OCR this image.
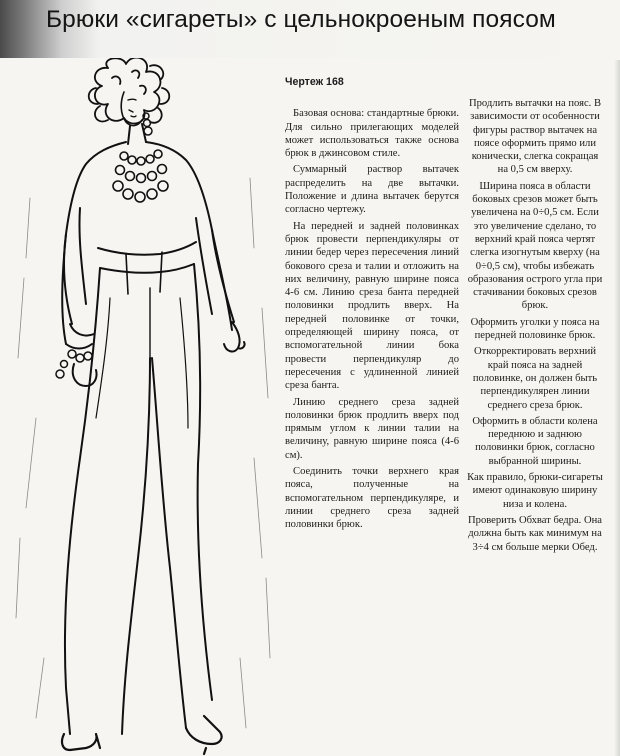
Брюки «сигареты» с цельнокроеным поясом
Чертеж 168

Базовая основа: стандартные брюки. Для сильно прилегающих моделей может использоваться также основа брюк в джинсовом стиле.

Суммарный раствор вытачек распределить на две вытачки. Положение и длина вытачек берутся согласно чертежу.

На передней и задней половинках брюк провести перпендикуляры от линии бедер через пересечения линий бокового среза и талии и отложить на них величину, равную ширине пояса 4-6 см. Линию среза банта передней половинки продлить вверх. На передней половинке от точки, определяющей ширину пояса, от вспомогательной линии бока провести перпендикуляр до пересечения с удлиненной линией среза банта.

Линию среднего среза задней половинки брюк продлить вверх под прямым углом к линии талии на величину, равную ширине пояса (4-6 см).

Соединить точки верхнего края пояса, полученные на вспомогательном перпендикуляре, и линии среднего среза задней половинки брюк.

Продлить вытачки на пояс. В зависимости от особенности фигуры раствор вытачек на поясе оформить прямо или конически, слегка сокращая на 0,5 см вверху.

Ширина пояса в области боковых срезов может быть увеличена на 0÷0,5 см. Если это увеличение сделано, то верхний край пояса чертят слегка изогнутым кверху (на 0÷0,5 см), чтобы избежать образования острого угла при стачивании боковых срезов брюк.

Оформить уголки у пояса на передней половинке брюк.

Откорректировать верхний край пояса на задней половинке, он должен быть перпендикулярен линии среднего среза брюк.

Оформить в области колена переднюю и заднюю половинки брюк, согласно выбранной ширины.

Как правило, брюки-сигареты имеют одинаковую ширину низа и колена.

Проверить Обхват бедра. Она должна быть как минимум на 3÷4 см больше мерки Обед.
